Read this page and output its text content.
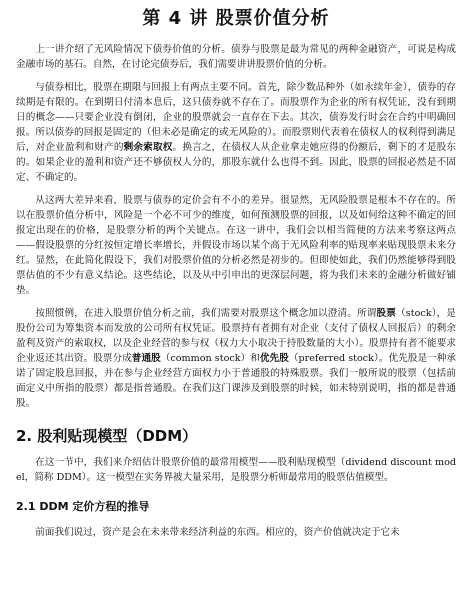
第 4 讲 股票价值分析

上一讲介绍了无风险情况下债券价值的分析。债券与股票是最为常见的两种金融资产，可说是构成金融市场的基石。自然，在讨论完债券后，我们需要讲讲股票价值的分析。

与债券相比，股票在期限与回报上有两点主要不同。首先，除少数品种外（如永续年金），债券的存续期是有限的。在到期日付清本息后，这只债券就不存在了。而股票作为企业的所有权凭证，没有到期日的概念——只要企业没有倒闭，企业的股票就会一直存在下去。其次，债券发行时会在合约中明确回报。所以债券的回报是固定的（但未必是确定的或无风险的）。而股票则代表着在债权人的权利得到满足后，对企业盈利和财产的剩余索取权。换言之，在债权人从企业拿走她应得的份额后，剩下的才是股东的。如果企业的盈利和资产还不够债权人分的，那股东就什么也得不到。因此，股票的回报必然是不固定、不确定的。

从这两大差异来看，股票与债券的定价会有不小的差异。很显然，无风险股票是根本不存在的。所以在股票价值分析中，风险是一个必不可少的维度，如何预测股票的回报，以及如何给这种不确定的回报定出现在的价格，是股票分析的两个关键点。在这一讲中，我们会以相当简便的方法来考察这两点——假设股票的分红按恒定增长率增长，并假设市场以某个高于无风险利率的贴现率来贴现股票未来分红。显然，在此简化假设下，我们对股票价值的分析必然是初步的。但即使如此，我们仍然能够得到股票估值的不少有意义结论。这些结论，以及从中引申出的更深层问题，将为我们未来的金融分析做好铺垫。

按照惯例，在进入股票价值分析之前，我们需要对股票这个概念加以澄清。所谓股票（stock），是股份公司为筹集资本而发放的公司所有权凭证。股票持有者拥有对企业（支付了债权人回报后）的剩余盈利及资产的索取权，以及企业经营的参与权（权力大小取决于持股数量的大小）。股票持有者不能要求企业返还其出资。股票分成普通股（common stock）和优先股（preferred stock）。优先股是一种承诺了固定股息回报，并在参与企业经营方面权力小于普通股的特殊股票。我们一般所说的股票（包括前面定义中所指的股票）都是指普通股。在我们这门课涉及到股票的时候，如未特别说明，指的都是普通股。

2. 股利贴现模型（DDM）

在这一节中，我们来介绍估计股票价值的最常用模型——股利贴现模型（dividend discount model，简称 DDM）。这一模型在实务界被大量采用，是股票分析师最常用的股票估值模型。

2.1 DDM 定价方程的推导

前面我们说过，资产是会在未来带来经济利益的东西。相应的，资产价值就决定于它未
